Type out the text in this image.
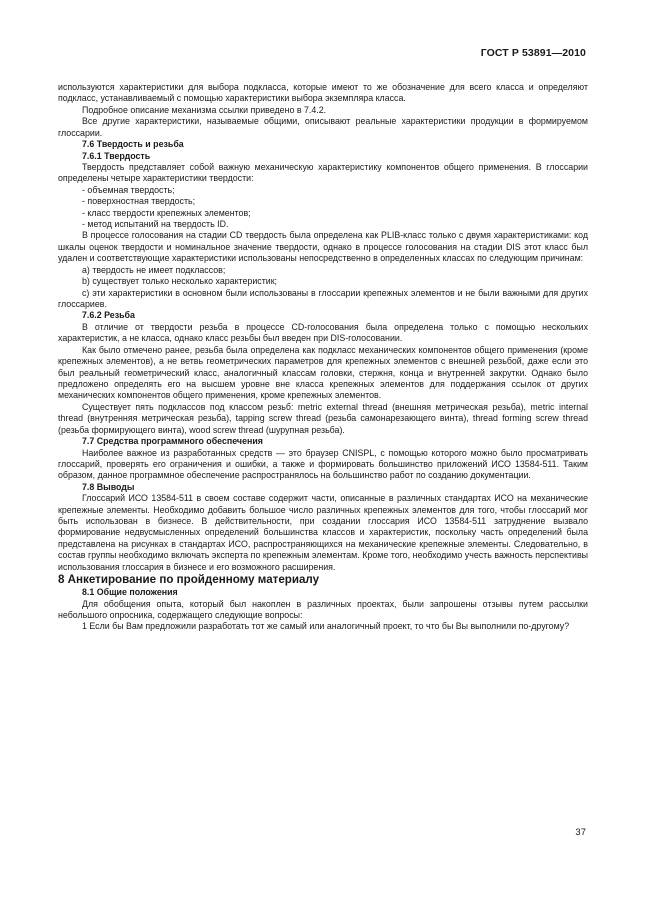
ГОСТ Р 53891—2010

используются характеристики для выбора подкласса, которые имеют то же обозначение для всего класса и определяют подкласс, устанавливаемый с помощью характеристики выбора экземпляра класса.

Подробное описание механизма ссылки приведено в 7.4.2.

Все другие характеристики, называемые общими, описывают реальные характеристики продукции в формируемом глоссарии.

7.6 Твердость и резьба

7.6.1 Твердость

Твердость представляет собой важную механическую характеристику компонентов общего применения. В глоссарии определены четыре характеристики твердости:

- объемная твердость;

- поверхностная твердость;

- класс твердости крепежных элементов;

- метод испытаний на твердость ID.

В процессе голосования на стадии CD твердость была определена как PLIB-класс только с двумя характеристиками: код шкалы оценок твердости и номинальное значение твердости, однако в процессе голосования на стадии DIS этот класс был удален и соответствующие характеристики использованы непосредственно в определенных классах по следующим причинам:

а) твердость не имеет подклассов;

b) существует только несколько характеристик;

с) эти характеристики в основном были использованы в глоссарии крепежных элементов и не были важными для других глоссариев.

7.6.2 Резьба

В отличие от твердости резьба в процессе CD-голосования была определена только с помощью нескольких характеристик, а не класса, однако класс резьбы был введен при DIS-голосовании.

Как было отмечено ранее, резьба была определена как подкласс механических компонентов общего применения (кроме крепежных элементов), а не ветвь геометрических параметров для крепежных элементов с внешней резьбой, даже если это был реальный геометрический класс, аналогичный классам головки, стержня, конца и внутренней закрутки. Однако было предложено определять его на высшем уровне вне класса крепежных элементов для поддержания ссылок от других механических компонентов общего применения, кроме крепежных элементов.

Существует пять подклассов под классом резьб: metric external thread (внешняя метрическая резьба), metric internal thread (внутренняя метрическая резьба), tapping screw thread (резьба самонарезающего винта), thread forming screw thread (резьба формирующего винта), wood screw thread (шурупная резьба).

7.7 Средства программного обеспечения

Наиболее важное из разработанных средств — это браузер CNISPL, с помощью которого можно было просматривать глоссарий, проверять его ограничения и ошибки, а также и формировать большинство приложений ИСО 13584-511. Таким образом, данное программное обеспечение распространялось на большинство работ по созданию документации.

7.8 Выводы

Глоссарий ИСО 13584-511 в своем составе содержит части, описанные в различных стандартах ИСО на механические крепежные элементы. Необходимо добавить большое число различных крепежных элементов для того, чтобы глоссарий мог быть использован в бизнесе. В действительности, при создании глоссария ИСО 13584-511 затруднение вызвало формирование недвусмысленных определений большинства классов и характеристик, поскольку часть определений была представлена на рисунках в стандартах ИСО, распространяющихся на механические крепежные элементы. Следовательно, в состав группы необходимо включать эксперта по крепежным элементам. Кроме того, необходимо учесть важность перспективы использования глоссария в бизнесе и его возможного расширения.

8 Анкетирование по пройденному материалу

8.1 Общие положения

Для обобщения опыта, который был накоплен в различных проектах, были запрошены отзывы путем рассылки небольшого опросника, содержащего следующие вопросы:

1 Если бы Вам предложили разработать тот же самый или аналогичный проект, то что бы Вы выполнили по-другому?

37
